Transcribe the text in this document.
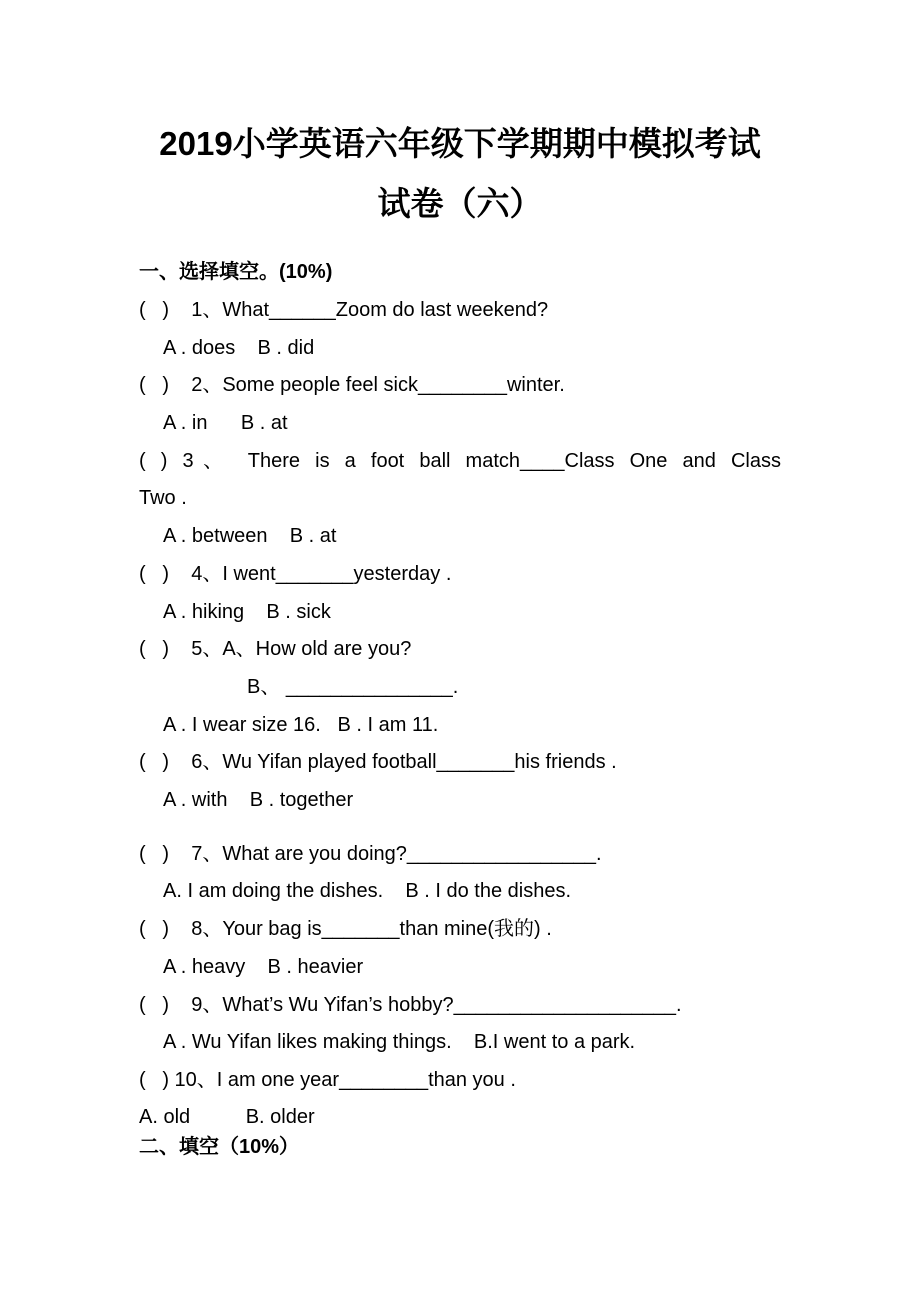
2019小学英语六年级下学期期中模拟考试
试卷（六）
一、选择填空。(10%)
(   )    1、What______Zoom do last weekend?
A . does    B . did
(   )    2、Some people feel sick________winter.
A . in      B . at
( ) 3、 There is a foot ball match____Class One and Class
Two .
A . between    B . at
(   )    4、I went_______yesterday .
A . hiking    B . sick
(   )    5、A、How old are you?
B、 _______________.
A . I wear size 16.   B . I am 11.
(   )    6、Wu Yifan played football_______his friends .
A . with    B . together
(   )    7、What are you doing?_________________.
A. I am doing the dishes.    B . I do the dishes.
(   )    8、Your bag is_______than mine(我的) .
A . heavy    B . heavier
(   )    9、What’s Wu Yifan’s hobby?____________________.
A . Wu Yifan likes making things.    B.I went to a park.
(   ) 10、I am one year________than you .
A. old          B. older
二、填空（10%）
